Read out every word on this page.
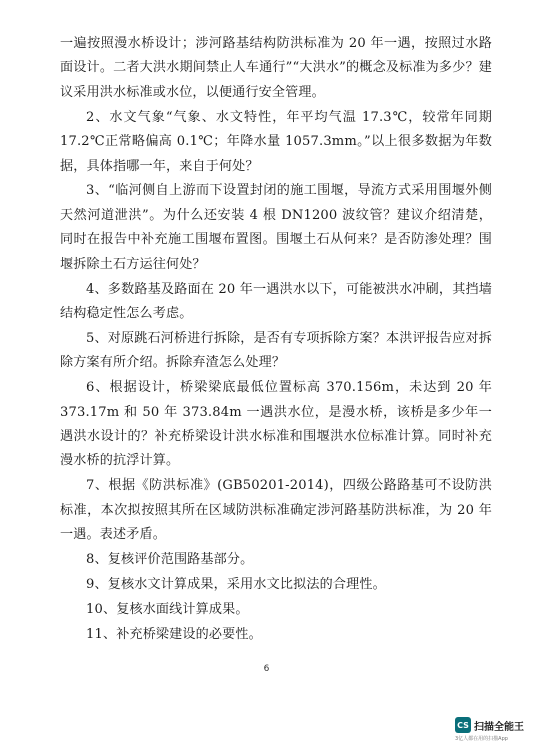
一遍按照漫水桥设计；涉河路基结构防洪标准为 20 年一遇，按照过水路面设计。二者大洪水期间禁止人车通行”“大洪水”的概念及标准为多少？建议采用洪水标准或水位，以便通行安全管理。

2、水文气象“气象、水文特性，年平均气温 17.3℃，较常年同期 17.2℃正常略偏高 0.1℃；年降水量 1057.3mm。”以上很多数据为年数据，具体指哪一年，来自于何处？

3、“临河侧自上游而下设置封闭的施工围堰，导流方式采用围堰外侧天然河道泄洪”。为什么还安装 4 根 DN1200 波纹管？建议介绍清楚，同时在报告中补充施工围堰布置图。围堰土石从何来？是否防渗处理？围堰拆除土石方运往何处？

4、多数路基及路面在 20 年一遇洪水以下，可能被洪水冲刷，其挡墙结构稳定性怎么考虑。

5、对原跳石河桥进行拆除，是否有专项拆除方案？本洪评报告应对拆除方案有所介绍。拆除弃渣怎么处理？

6、根据设计，桥梁梁底最低位置标高 370.156m，未达到 20 年 373.17m 和 50 年 373.84m 一遇洪水位，是漫水桥，该桥是多少年一遇洪水设计的？补充桥梁设计洪水标准和围堰洪水位标准计算。同时补充漫水桥的抗浮计算。

7、根据《防洪标准》(GB50201-2014)，四级公路路基可不设防洪标准，本次拟按照其所在区域防洪标准确定涉河路基防洪标准，为 20 年一遇。表述矛盾。

8、复核评价范围路基部分。

9、复核水文计算成果，采用水文比拟法的合理性。

10、复核水面线计算成果。

11、补充桥梁建设的必要性。

6
CS 扫描全能王
3亿人都在用的扫描App
